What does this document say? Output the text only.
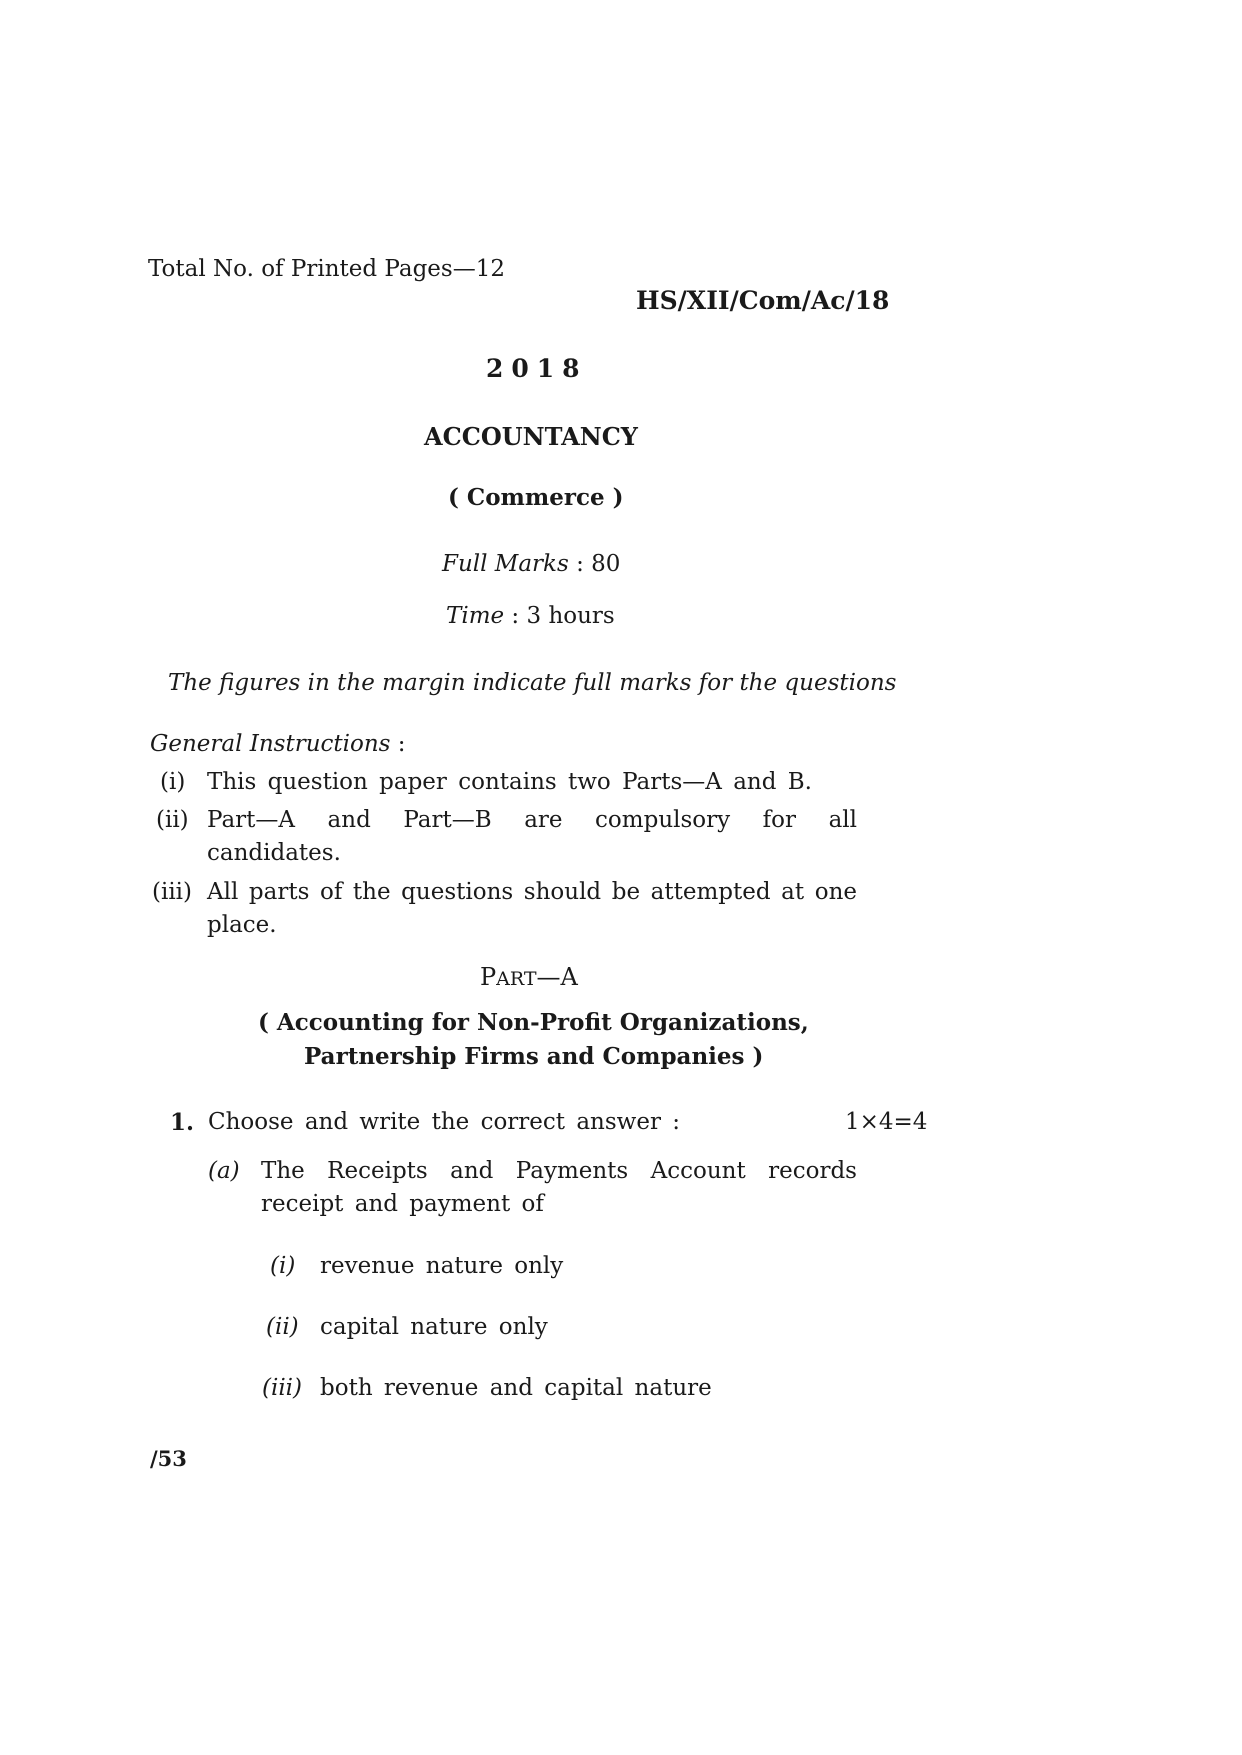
Total No. of Printed Pages—12
HS/XII/Com/Ac/18
2018
ACCOUNTANCY
( Commerce )
Full Marks : 80
Time : 3 hours
The figures in the margin indicate full marks for the questions
General Instructions :
(i) This question paper contains two Parts—A and B.
(ii) Part—A and Part—B are compulsory for all
candidates.
(iii) All parts of the questions should be attempted at one
place.
PART—A
( Accounting for Non-Profit Organizations,
Partnership Firms and Companies )
1. Choose and write the correct answer :	1×4=4
(a) The Receipts and Payments Account records
receipt and payment of
(i) revenue nature only
(ii) capital nature only
(iii) both revenue and capital nature
/53
